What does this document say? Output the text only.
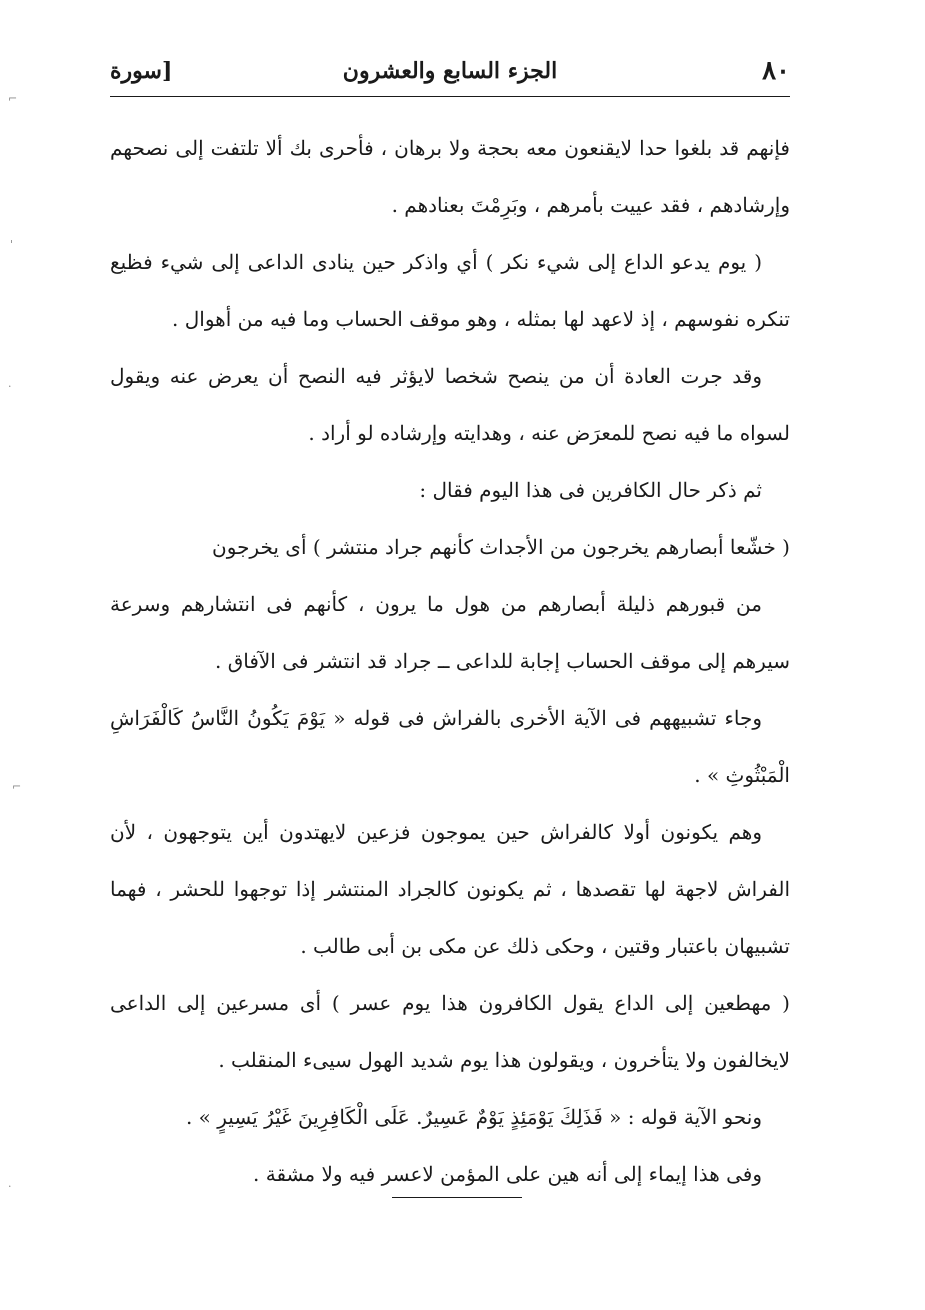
٨٠
الجزء السابع والعشرون
[سورة

فإنهم قد بلغوا حدا لايقنعون معه بحجة ولا برهان ، فأحرى بك ألا تلتفت إلى نصحهم وإرشادهم ، فقد عييت بأمرهم ، وبَرِمْتَ بعنادهم .

( يوم يدعو الداع إلى شيء نكر ) أي واذكر حين ينادى الداعى إلى شيء فظيع تنكره نفوسهم ، إذ لاعهد لها بمثله ، وهو موقف الحساب وما فيه من أهوال .

وقد جرت العادة أن من ينصح شخصا لايؤثر فيه النصح أن يعرض عنه ويقول لسواه ما فيه نصح للمعرَض عنه ، وهدايته وإرشاده لو أراد .

ثم ذكر حال الكافرين فى هذا اليوم فقال :

( خشّعا أبصارهم يخرجون من الأجداث كأنهم جراد منتشر ) أى يخرجون

من قبورهم ذليلة أبصارهم من هول ما يرون ، كأنهم فى انتشارهم وسرعة سيرهم إلى موقف الحساب إجابة للداعى ــ جراد قد انتشر فى الآفاق .

وجاء تشبيههم فى الآية الأخرى بالفراش فى قوله « يَوْمَ يَكُونُ النَّاسُ كَالْفَرَاشِ الْمَبْثُوثِ » .

وهم يكونون أولا كالفراش حين يموجون فزعين لايهتدون أين يتوجهون ، لأن الفراش لاجهة لها تقصدها ، ثم يكونون كالجراد المنتشر إذا توجهوا للحشر ، فهما تشبيهان باعتبار وقتين ، وحكى ذلك عن مكى بن أبى طالب .

( مهطعين إلى الداع يقول الكافرون هذا يوم عسر ) أى مسرعين إلى الداعى لايخالفون ولا يتأخرون ، ويقولون هذا يوم شديد الهول سيىء المنقلب .

ونحو الآية قوله : « فَذَلِكَ يَوْمَئِذٍ يَوْمٌ عَسِيرٌ. عَلَى الْكَافِرِينَ غَيْرُ يَسِيرٍ » .

وفى هذا إيماء إلى أنه هين على المؤمن لاعسر فيه ولا مشقة .

⌐
'
·
⌐
·
